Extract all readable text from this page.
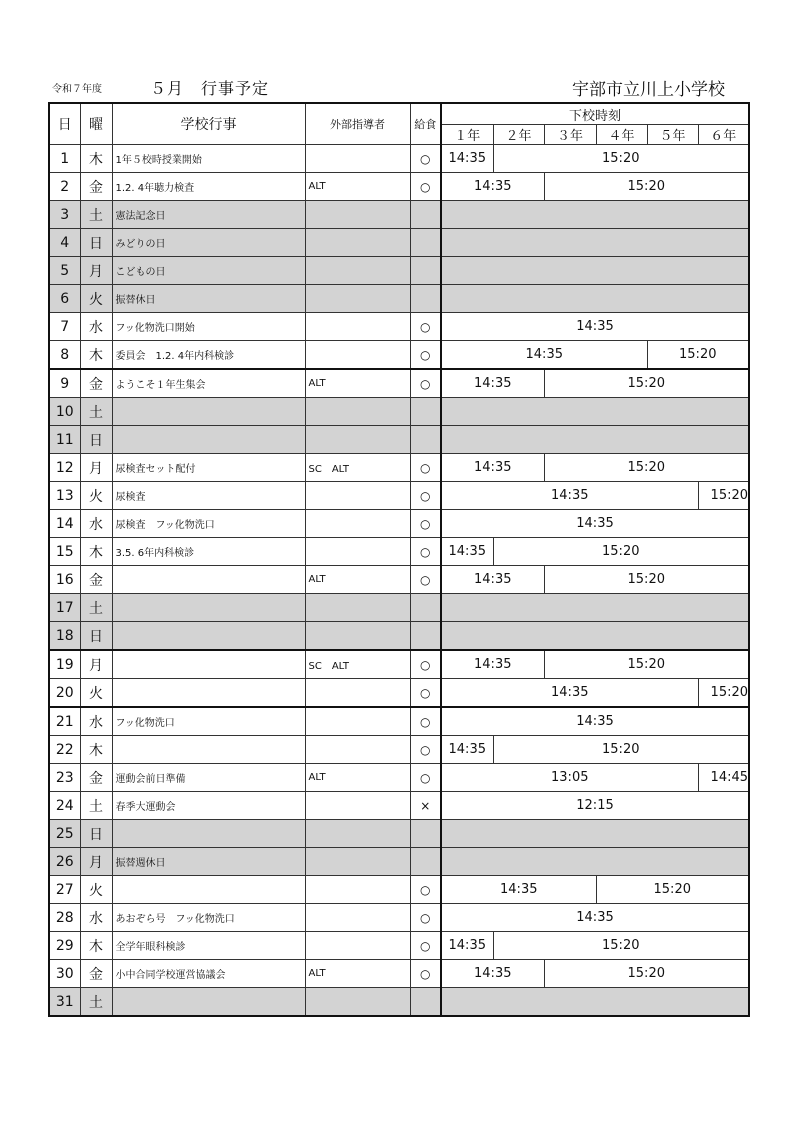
令和７年度	５月　行事予定	宇部市立川上小学校
日	曜	学校行事	外部指導者	給食	下校時刻					
					１年	２年	３年	４年	５年	６年
1	木	1年５校時授業開始		○	14:35	15:20				
2	金	1.2. 4年聴力検査	ALT	○	14:35		15:20			
3	土	憲法記念日								
4	日	みどりの日								
5	月	こどもの日								
6	火	振替休日								
7	水	フッ化物洗口開始		○	14:35					
8	木	委員会　1.2. 4年内科検診		○	14:35				15:20	
9	金	ようこそ１年生集会	ALT	○	14:35		15:20			
10	土									
11	日									
12	月	尿検査セット配付	SC　ALT	○	14:35		15:20			
13	火	尿検査		○	14:35					15:20
14	水	尿検査　フッ化物洗口		○	14:35					
15	木	3.5. 6年内科検診		○	14:35	15:20				
16	金		ALT	○	14:35		15:20			
17	土									
18	日									
19	月		SC　ALT	○	14:35		15:20			
20	火			○	14:35					15:20
21	水	フッ化物洗口		○	14:35					
22	木			○	14:35	15:20				
23	金	運動会前日準備	ALT	○	13:05					14:45
24	土	春季大運動会		×	12:15					
25	日									
26	月	振替週休日								
27	火			○	14:35			15:20		
28	水	あおぞら号　フッ化物洗口		○	14:35					
29	木	全学年眼科検診		○	14:35	15:20				
30	金	小中合同学校運営協議会	ALT	○	14:35		15:20			
31	土									
